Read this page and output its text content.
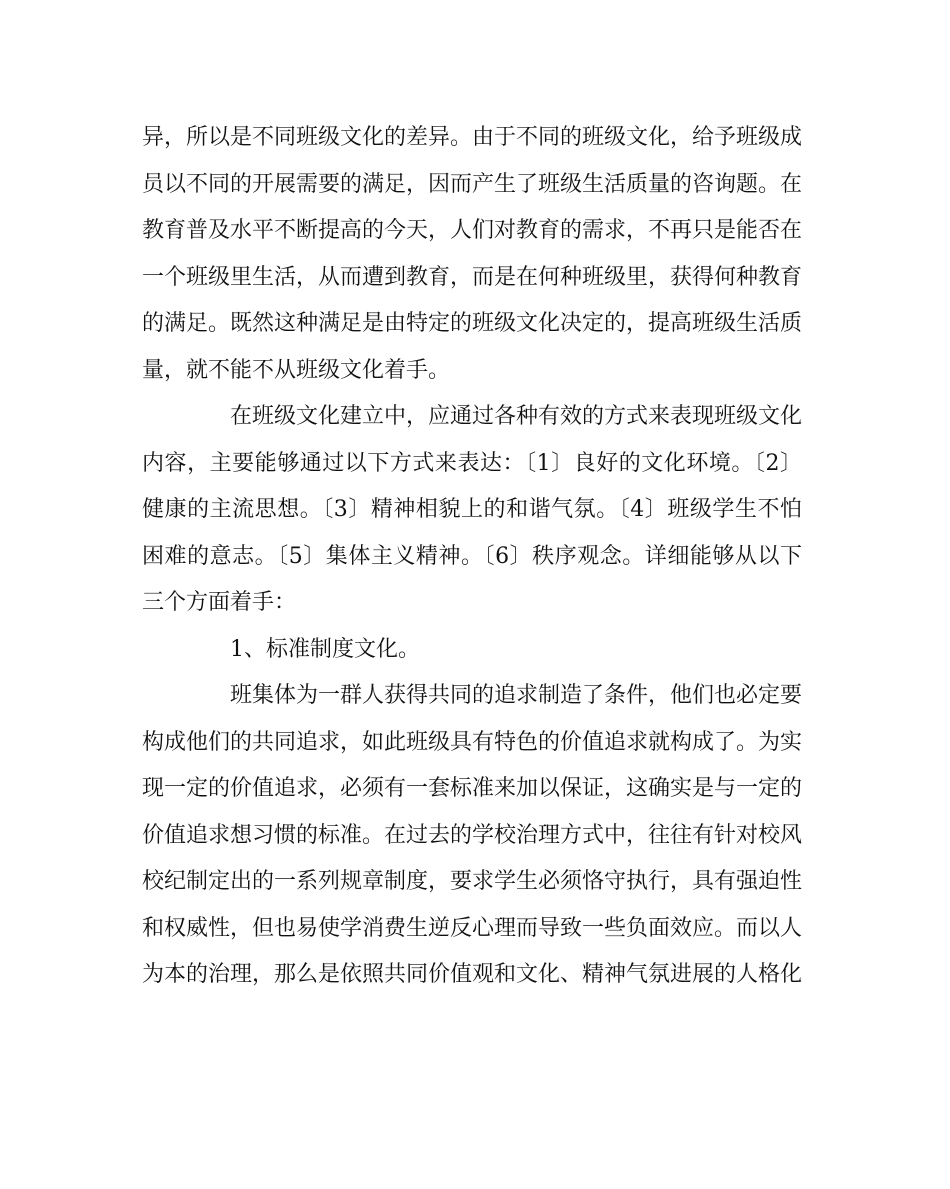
异，所以是不同班级文化的差异。由于不同的班级文化，给予班级成
员以不同的开展需要的满足，因而产生了班级生活质量的咨询题。在
教育普及水平不断提高的今天，人们对教育的需求，不再只是能否在
一个班级里生活，从而遭到教育，而是在何种班级里，获得何种教育
的满足。既然这种满足是由特定的班级文化决定的，提高班级生活质
量，就不能不从班级文化着手。
在班级文化建立中，应通过各种有效的方式来表现班级文化
内容，主要能够通过以下方式来表达：〔1〕良好的文化环境。〔2〕
健康的主流思想。〔3〕精神相貌上的和谐气氛。〔4〕班级学生不怕
困难的意志。〔5〕集体主义精神。〔6〕秩序观念。详细能够从以下
三个方面着手：
1、标准制度文化。
班集体为一群人获得共同的追求制造了条件，他们也必定要
构成他们的共同追求，如此班级具有特色的价值追求就构成了。为实
现一定的价值追求，必须有一套标准来加以保证，这确实是与一定的
价值追求想习惯的标准。在过去的学校治理方式中，往往有针对校风
校纪制定出的一系列规章制度，要求学生必须恪守执行，具有强迫性
和权威性，但也易使学消费生逆反心理而导致一些负面效应。而以人
为本的治理，那么是依照共同价值观和文化、精神气氛进展的人格化
